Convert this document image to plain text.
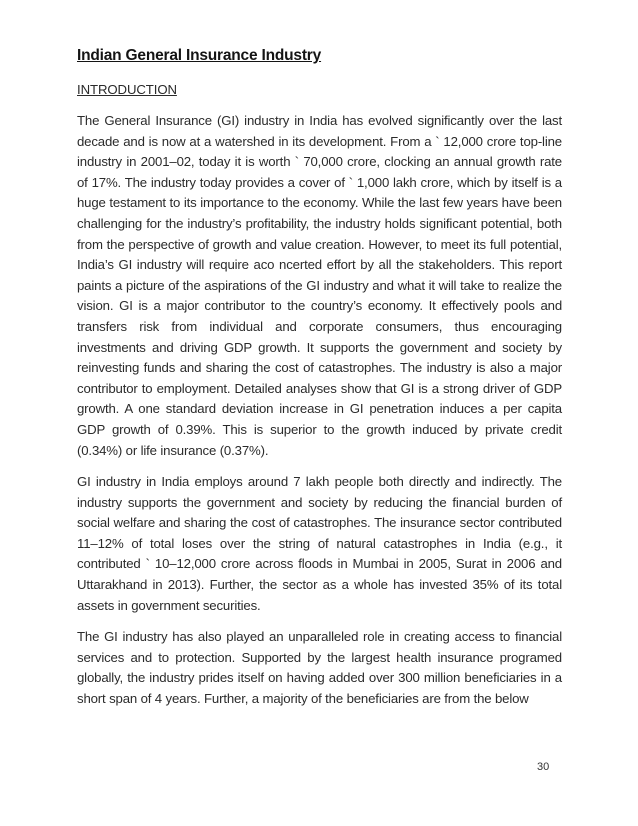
Indian General Insurance Industry
INTRODUCTION

The General Insurance (GI) industry in India has evolved significantly over the last decade and is now at a watershed in its development. From a ` 12,000 crore top-line industry in 2001–02, today it is worth ` 70,000 crore, clocking an annual growth rate of 17%. The industry today provides a cover of ` 1,000 lakh crore, which by itself is a huge testament to its importance to the economy. While the last few years have been challenging for the industry’s profitability, the industry holds significant potential, both from the perspective of growth and value creation. However, to meet its full potential, India’s GI industry will require aco ncerted effort by all the stakeholders. This report paints a picture of the aspirations of the GI industry and what it will take to realize the vision. GI is a major contributor to the country’s economy. It effectively pools and transfers risk from individual and corporate consumers, thus encouraging investments and driving GDP growth. It supports the government and society by reinvesting funds and sharing the cost of catastrophes. The industry is also a major contributor to employment. Detailed analyses show that GI is a strong driver of GDP growth. A one standard deviation increase in GI penetration induces a per capita GDP growth of 0.39%. This is superior to the growth induced by private credit (0.34%) or life insurance (0.37%).

GI industry in India employs around 7 lakh people both directly and indirectly. The industry supports the government and society by reducing the financial burden of social welfare and sharing the cost of catastrophes. The insurance sector contributed 11–12% of total loses over the string of natural catastrophes in India (e.g., it contributed ` 10–12,000 crore across floods in Mumbai in 2005, Surat in 2006 and Uttarakhand in 2013). Further, the sector as a whole has invested 35% of its total assets in government securities.

The GI industry has also played an unparalleled role in creating access to financial services and to protection. Supported by the largest health insurance programed globally, the industry prides itself on having added over 300 million beneficiaries in a short span of 4 years. Further, a majority of the beneficiaries are from the below

30
